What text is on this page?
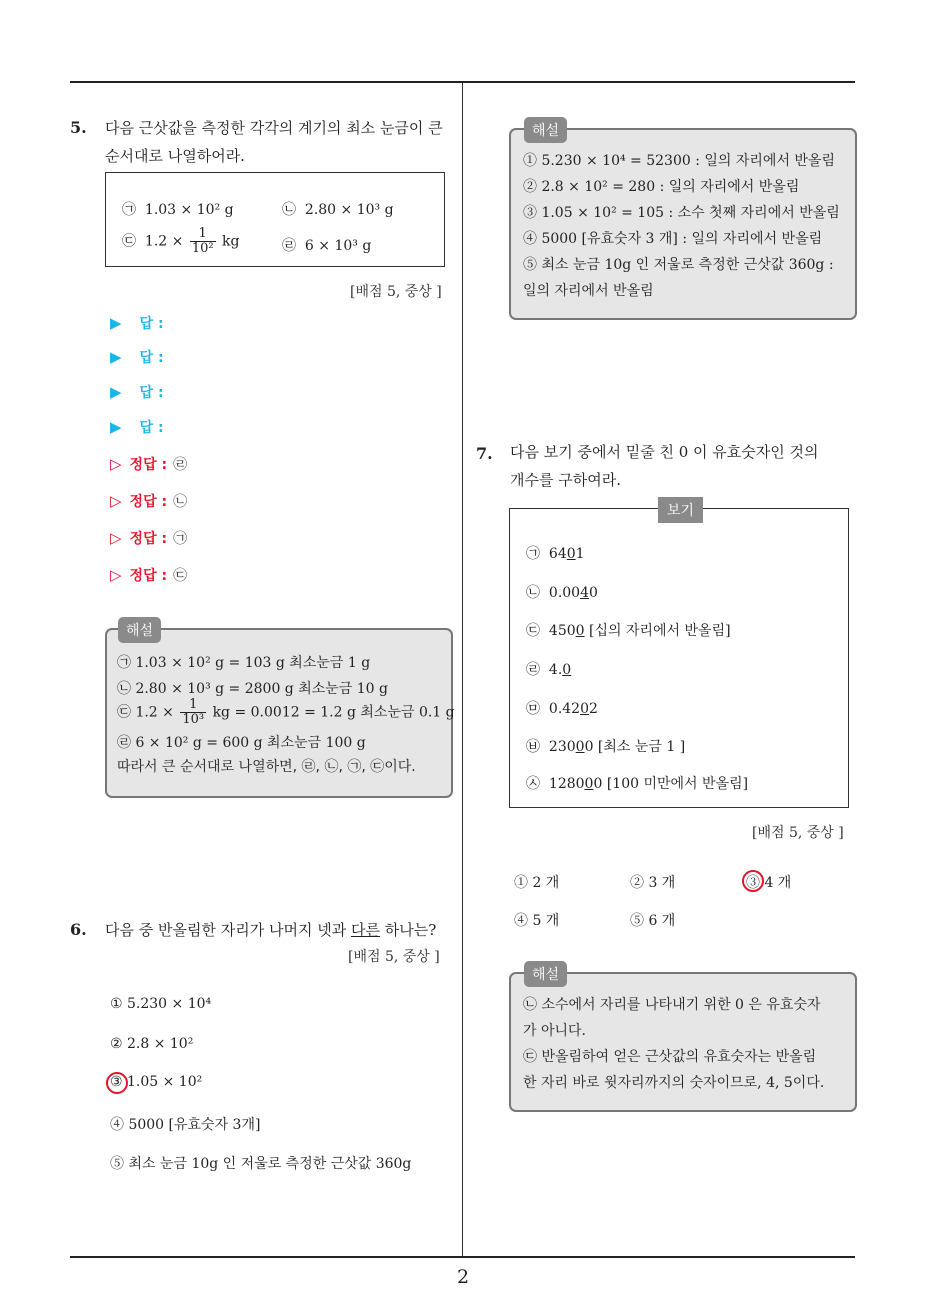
2
5. 다음 근삿값을 측정한 각각의 계기의 최소 눈금이 큰
순서대로 나열하어라.
㉠ 1.03 × 10² g	㉡ 2.80 × 10³ g
㉢ $1.2 \times \frac{1}{\text{10²}}$ kg	㉣ 6 × 10³ g
[배점 5, 중상 ]
▶ 답 :
▶ 답 :
▶ 답 :
▶ 답 :
▷ 정답 : ㉣
▷ 정답 : ㉡
▷ 정답 : ㉠
▷ 정답 : ㉢
㉠ 1.03 × 10² g = 103 g 최소눈금 1 g
㉡ 2.80 × 10³ g = 2800 g 최소눈금 10 g
㉢ $1.2 \times \frac{1}{\text{10³}}$ kg = 0.0012 = 1.2 g 최소눈금 0.1 g
㉣ 6 × 10² g = 600 g 최소눈금 100 g
따라서 큰 순서대로 나열하면, ㉣, ㉡, ㉠, ㉢이다.
해설
6. 다음 중 반올림한 자리가 나머지 넷과 다른 하나는?
[배점 5, 중상 ]
① 5.230 × 10⁴
② 2.8 × 10²
③ 1.05 × 10²
④ 5000 [유효숫자 3개]
⑤ 최소 눈금 10g 인 저울로 측정한 근삿값 360g
① 5.230 × 10⁴ = 52300 : 일의 자리에서 반올림
② 2.8 × 10² = 280 : 일의 자리에서 반올림
③ 1.05 × 10² = 105 : 소수 첫째 자리에서 반올림
④ 5000 [유효숫자 3 개] : 일의 자리에서 반올림
⑤ 최소 눈금 10g 인 저울로 측정한 근삿값 360g :
일의 자리에서 반올림
해설
7. 다음 보기 중에서 밑줄 친 0 이 유효숫자인 것의
개수를 구하여라.
㉠ 6401
㉡ 0.0040
㉢ 4500 [십의 자리에서 반올림]
㉣ 4.0
㉤ 0.4202
㉥ 23000 [최소 눈금 1 ]
㉦ 128000 [100 미만에서 반올림]
보기
[배점 5, 중상 ]
① 2 개	② 3 개	③ 4 개
④ 5 개	⑤ 6 개
㉡ 소수에서 자리를 나타내기 위한 0 은 유효숫자
가 아니다.
㉢ 반올림하여 얻은 근삿값의 유효숫자는 반올림
한 자리 바로 윗자리까지의 숫자이므로, 4, 5이다.
해설
